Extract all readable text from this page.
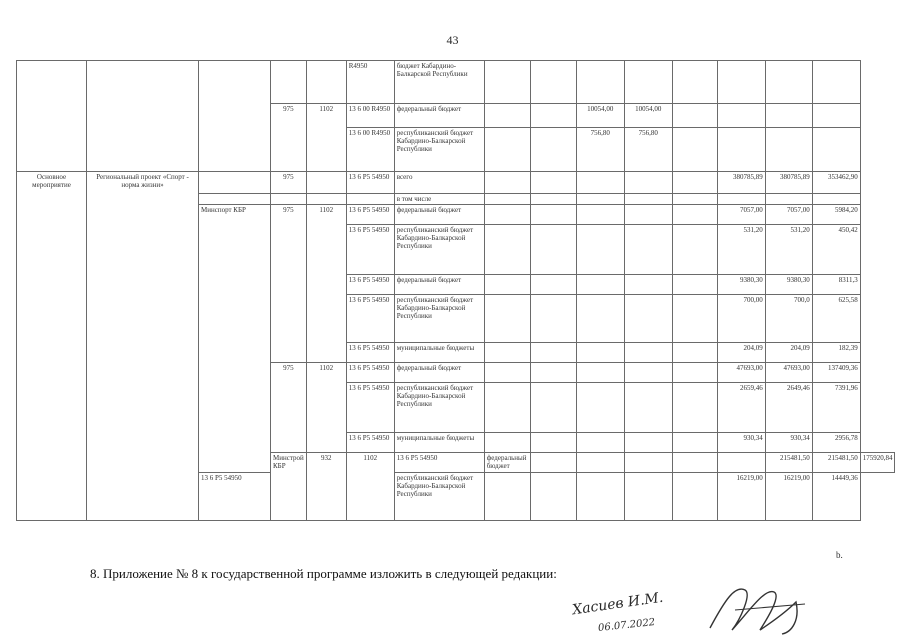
43
					R4950	бюджет Кабардино-Балкарской Республики									
			975	1102	13 6 00 R4950	федеральный бюджет			10054,00	10054,00					
					13 6 00 R4950	республиканский бюджет Кабардино-Балкарской Республики			756,80	756,80					
Основное мероприятие	Региональный проект «Спорт - норма жизни»		975		13 6 P5 54950	всего						380785,89	380785,89	353462,90	
						в том числе									
		Минспорт КБР	975	1102	13 6 P5 54950	федеральный бюджет						7057,00	7057,00	5984,20	
					13 6 P5 54950	республиканский бюджет Кабардино-Балкарской Республики						531,20	531,20	450,42	
					13 6 P5 54950	федеральный бюджет						9380,30	9380,30	8311,3	
					13 6 P5 54950	республиканский бюджет Кабардино-Балкарской Республики						700,00	700,0	625,58	
					13 6 P5 54950	муниципальные бюджеты						204,09	204,09	182,39	
			975	1102	13 6 P5 54950	федеральный бюджет						47693,00	47693,00	137409,36	
					13 6 P5 54950	республиканский бюджет Кабардино-Балкарской Республики						2659,46	2649,46	7391,96	
					13 6 P5 54950	муниципальные бюджеты						930,34	930,34	2956,78	
			Минстрой КБР	932	1102	13 6 P5 54950	федеральный бюджет						215481,50	215481,50	175920,84
		13 6 P5 54950				республиканский бюджет Кабардино-Балкарской Республики						16219,00	16219,00	14449,36	
b.
8. Приложение № 8 к государственной программе изложить в следующей редакции:
Хасиев И.М.
06.07.2022
